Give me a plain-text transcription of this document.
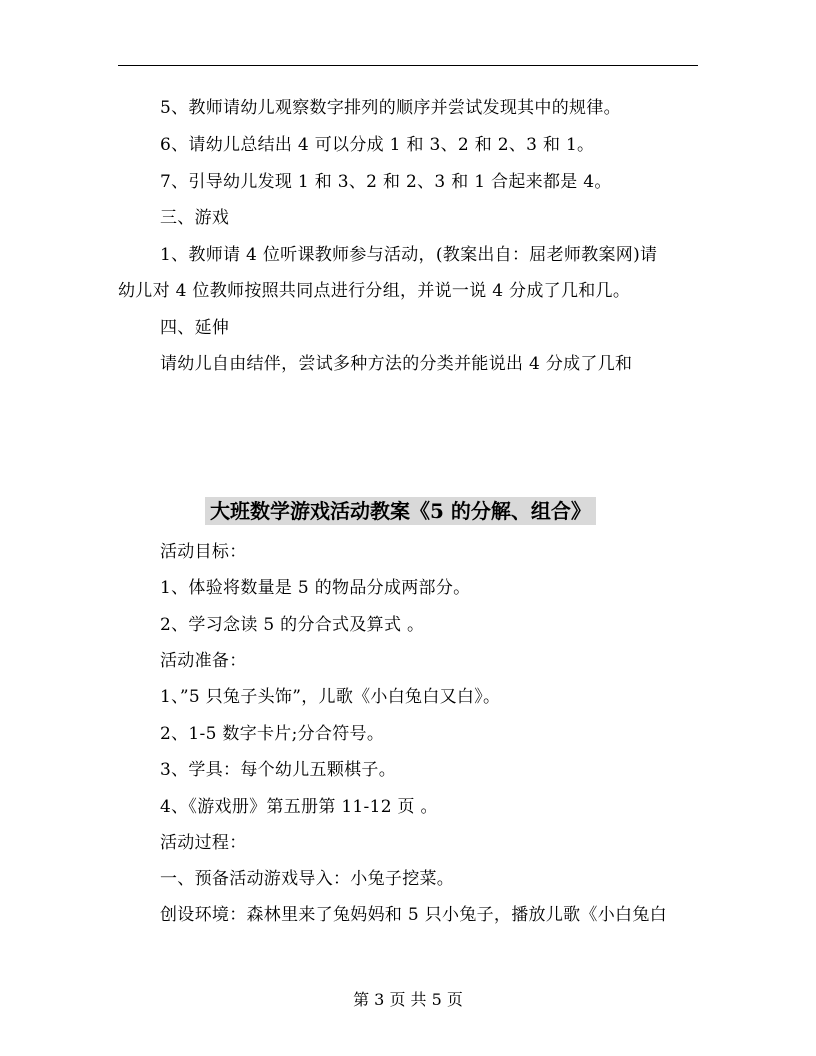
5、教师请幼儿观察数字排列的顺序并尝试发现其中的规律。
6、请幼儿总结出 4 可以分成 1 和 3、2 和 2、3 和 1。
7、引导幼儿发现 1 和 3、2 和 2、3 和 1 合起来都是 4。
三、游戏
1、教师请 4 位听课教师参与活动，(教案出自：屈老师教案网)请
幼儿对 4 位教师按照共同点进行分组，并说一说 4 分成了几和几。
四、延伸
请幼儿自由结伴，尝试多种方法的分类并能说出 4 分成了几和
大班数学游戏活动教案《5 的分解、组合》
活动目标：
1、体验将数量是 5 的物品分成两部分。
2、学习念读 5 的分合式及算式 。
活动准备：
1、”5 只兔子头饰”，儿歌《小白兔白又白》。
2、1-5 数字卡片;分合符号。
3、学具：每个幼儿五颗棋子。
4、《游戏册》第五册第 11-12 页 。
活动过程：
一、预备活动游戏导入：小兔子挖菜。
创设环境：森林里来了兔妈妈和 5 只小兔子，播放儿歌《小白兔白
第 3 页 共 5 页
